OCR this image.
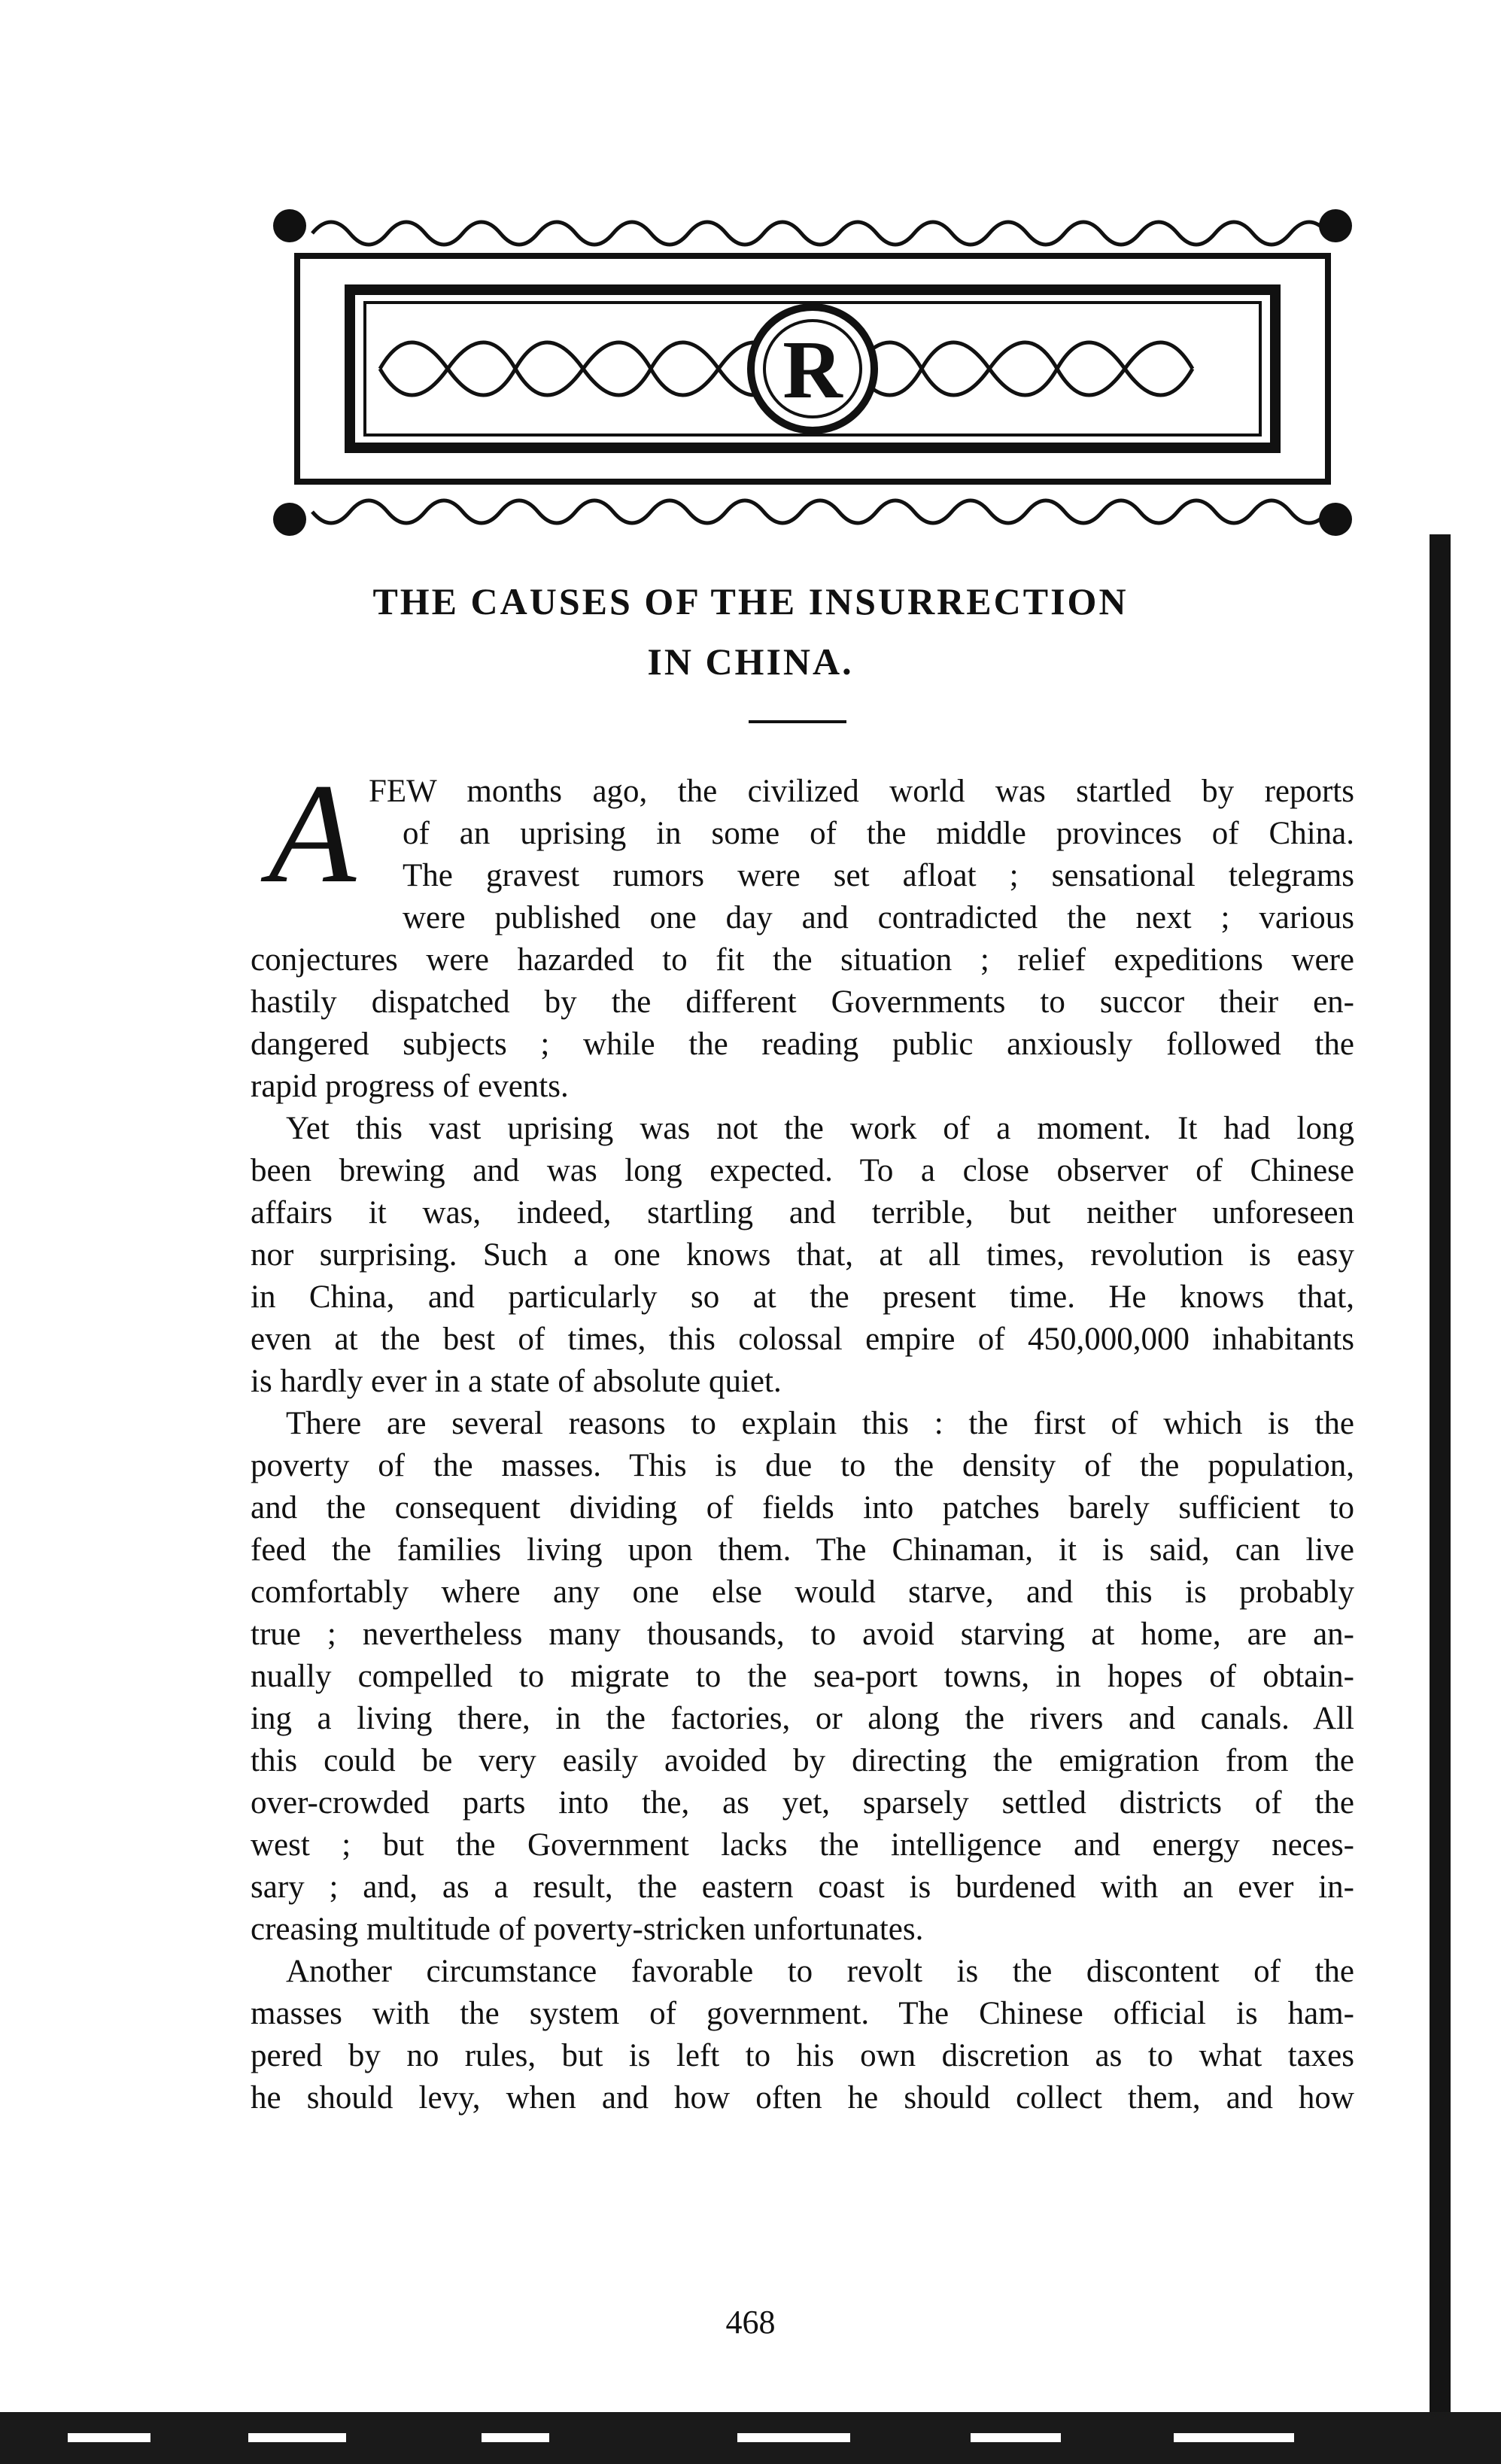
R
THE CAUSES OF THE INSURRECTION
IN CHINA.
A FEW months ago, the civilized world was startled by reports

of an uprising in some of the middle provinces of China.

The gravest rumors were set afloat ; sensational telegrams

were published one day and contradicted the next ; various

conjectures were hazarded to fit the situation ; relief expeditions were

hastily dispatched by the different Governments to succor their en-

dangered subjects ; while the reading public anxiously followed the

rapid progress of events.

Yet this vast uprising was not the work of a moment. It had long

been brewing and was long expected. To a close observer of Chinese

affairs it was, indeed, startling and terrible, but neither unforeseen

nor surprising. Such a one knows that, at all times, revolution is easy

in China, and particularly so at the present time. He knows that,

even at the best of times, this colossal empire of 450,000,000 inhabitants

is hardly ever in a state of absolute quiet.

There are several reasons to explain this : the first of which is the

poverty of the masses. This is due to the density of the population,

and the consequent dividing of fields into patches barely sufficient to

feed the families living upon them. The Chinaman, it is said, can live

comfortably where any one else would starve, and this is probably

true ; nevertheless many thousands, to avoid starving at home, are an-

nually compelled to migrate to the sea-port towns, in hopes of obtain-

ing a living there, in the factories, or along the rivers and canals. All

this could be very easily avoided by directing the emigration from the

over-crowded parts into the, as yet, sparsely settled districts of the

west ; but the Government lacks the intelligence and energy neces-

sary ; and, as a result, the eastern coast is burdened with an ever in-

creasing multitude of poverty-stricken unfortunates.

Another circumstance favorable to revolt is the discontent of the

masses with the system of government. The Chinese official is ham-

pered by no rules, but is left to his own discretion as to what taxes

he should levy, when and how often he should collect them, and how

468
